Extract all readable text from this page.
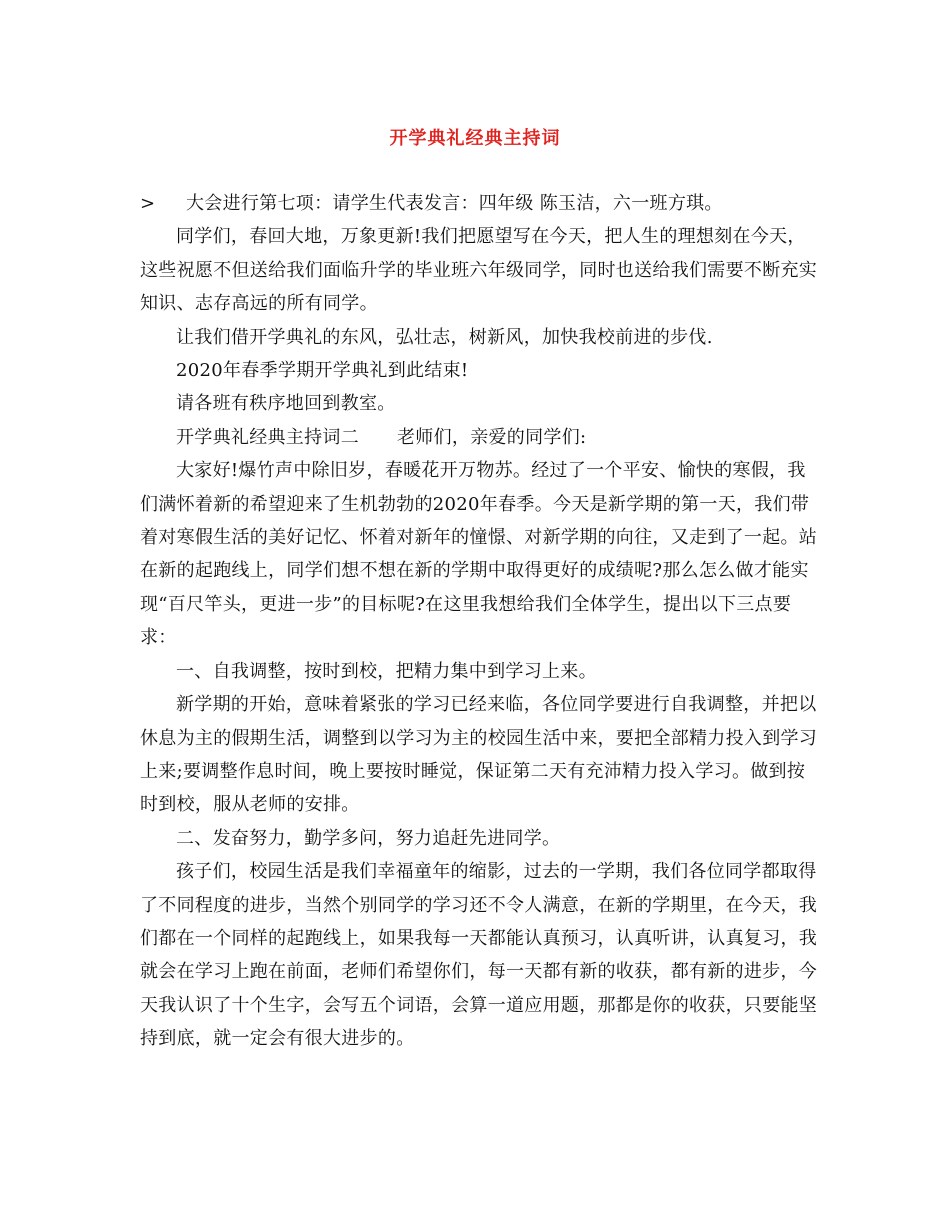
开学典礼经典主持词

> 大会进行第七项：请学生代表发言：四年级 陈玉洁，六一班方琪。

同学们，春回大地，万象更新!我们把愿望写在今天，把人生的理想刻在今天，这些祝愿不但送给我们面临升学的毕业班六年级同学，同时也送给我们需要不断充实知识、志存高远的所有同学。

让我们借开学典礼的东风，弘壮志，树新风，加快我校前进的步伐.

2020年春季学期开学典礼到此结束!

请各班有秩序地回到教室。

开学典礼经典主持词二 老师们，亲爱的同学们:

大家好!爆竹声中除旧岁，春暖花开万物苏。经过了一个平安、愉快的寒假，我们满怀着新的希望迎来了生机勃勃的2020年春季。今天是新学期的第一天，我们带着对寒假生活的美好记忆、怀着对新年的憧憬、对新学期的向往，又走到了一起。站在新的起跑线上，同学们想不想在新的学期中取得更好的成绩呢?那么怎么做才能实现“百尺竿头，更进一步”的目标呢?在这里我想给我们全体学生，提出以下三点要求：

一、自我调整，按时到校，把精力集中到学习上来。

新学期的开始，意味着紧张的学习已经来临，各位同学要进行自我调整，并把以休息为主的假期生活，调整到以学习为主的校园生活中来，要把全部精力投入到学习上来;要调整作息时间，晚上要按时睡觉，保证第二天有充沛精力投入学习。做到按时到校，服从老师的安排。

二、发奋努力，勤学多问，努力追赶先进同学。

孩子们，校园生活是我们幸福童年的缩影，过去的一学期，我们各位同学都取得了不同程度的进步，当然个别同学的学习还不令人满意，在新的学期里，在今天，我们都在一个同样的起跑线上，如果我每一天都能认真预习，认真听讲，认真复习，我就会在学习上跑在前面，老师们希望你们，每一天都有新的收获，都有新的进步，今天我认识了十个生字，会写五个词语，会算一道应用题，那都是你的收获，只要能坚持到底，就一定会有很大进步的。
